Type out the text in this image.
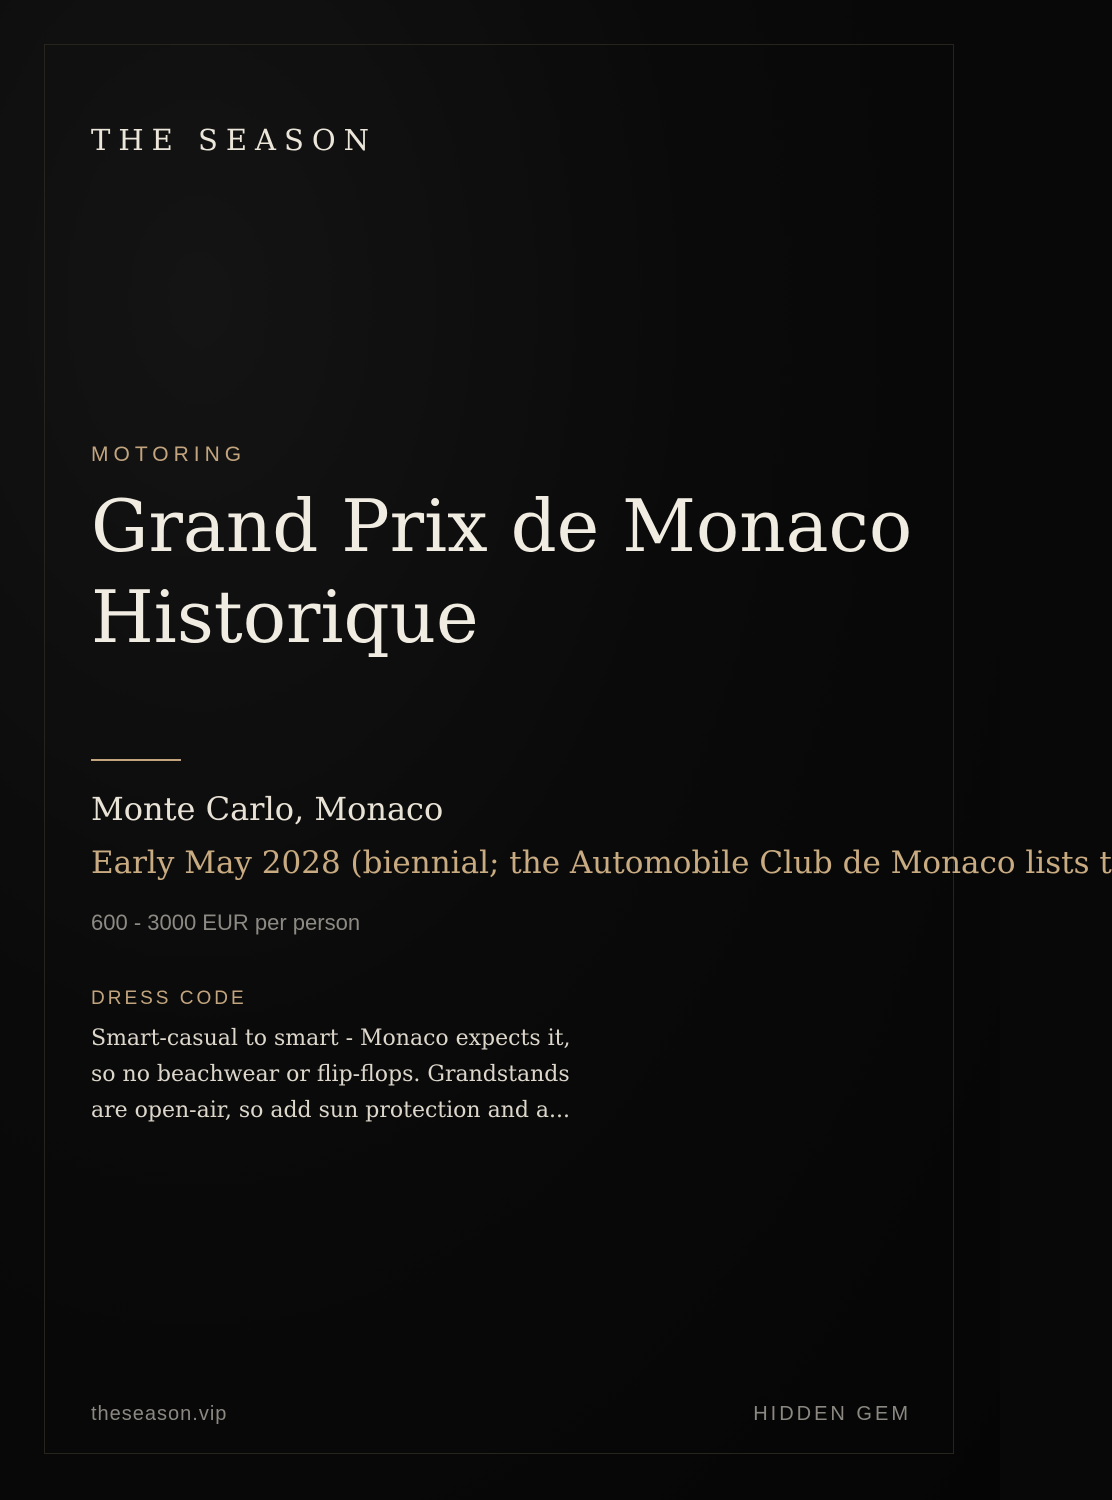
THE SEASON

MOTORING

Grand Prix de Monaco
Historique

Monte Carlo, Monaco

Early May 2028 (biennial; the Automobile Club de Monaco lists t

600 - 3000 EUR per person

DRESS CODE

Smart-casual to smart - Monaco expects it, so no beachwear or flip-flops. Grandstands are open-air, so add sun protection and a...

theseason.vip	HIDDEN GEM
